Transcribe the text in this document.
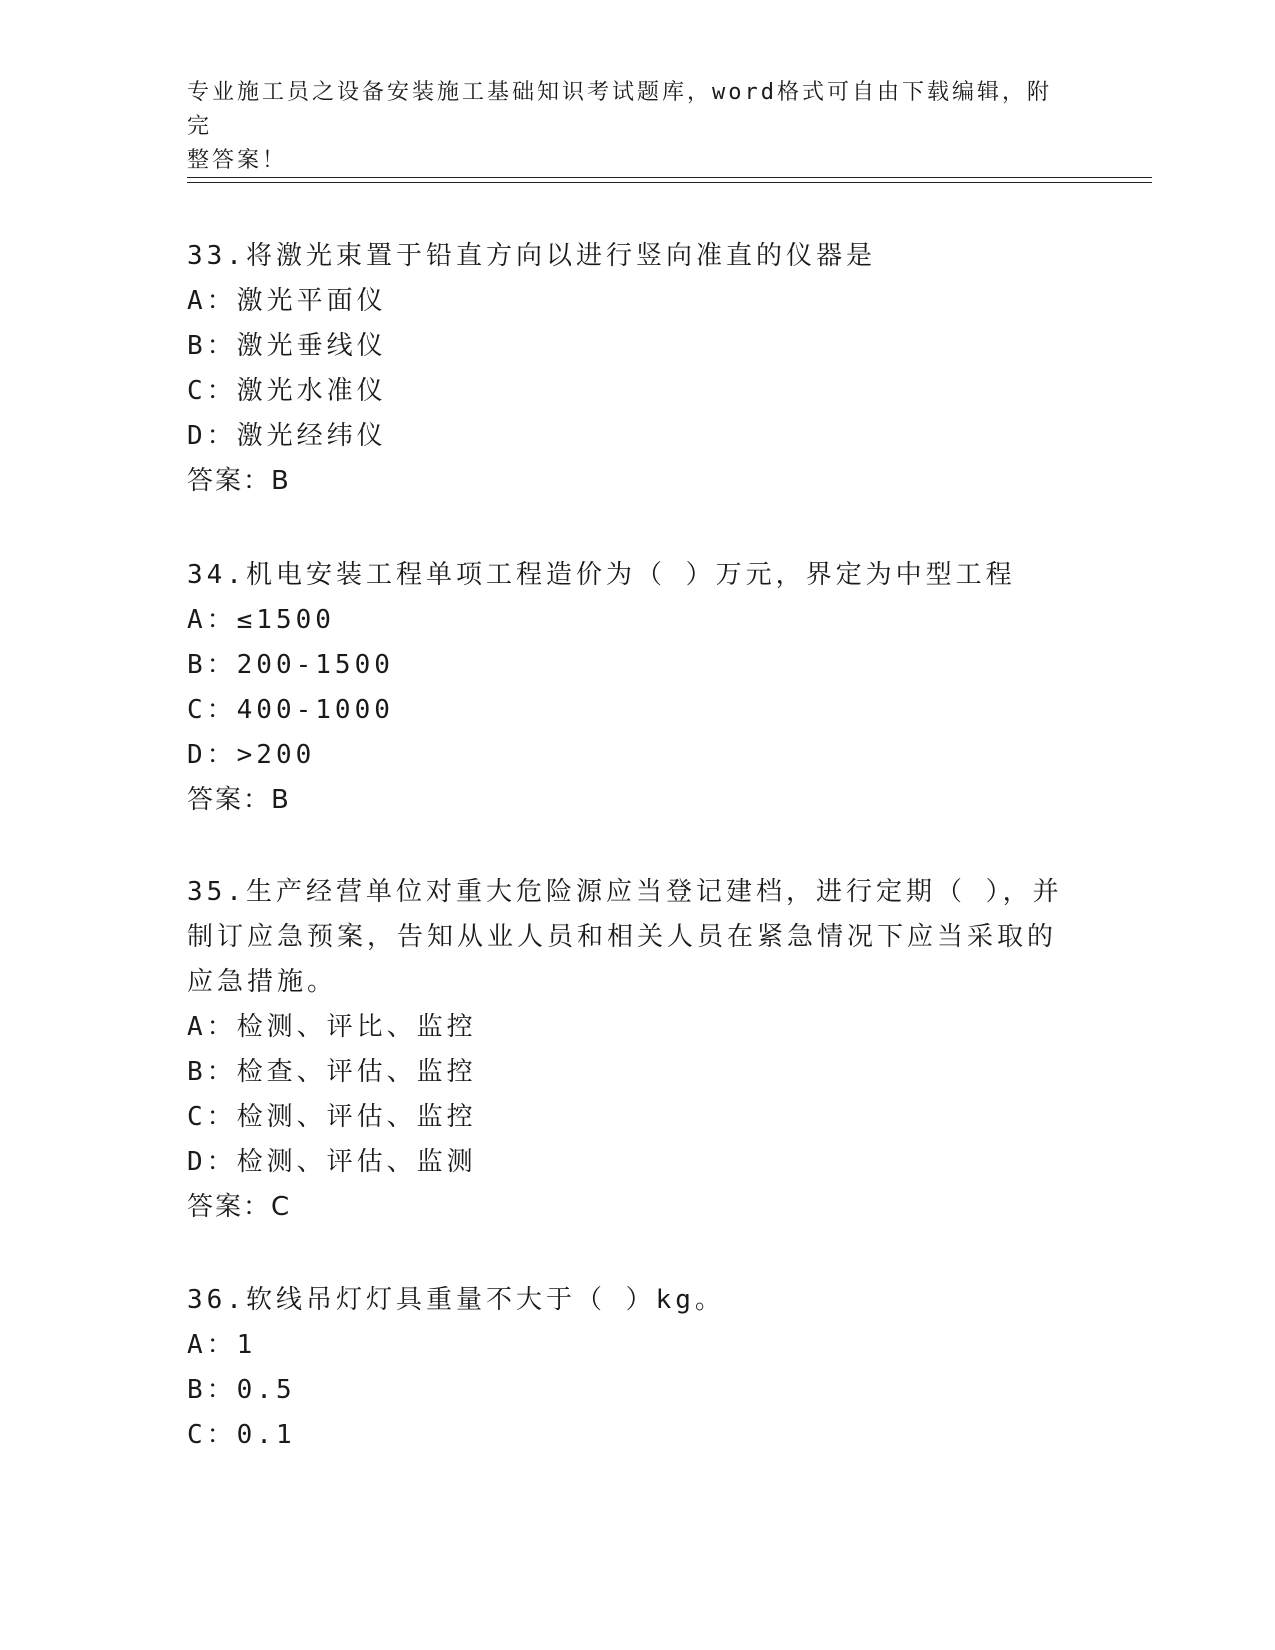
专业施工员之设备安装施工基础知识考试题库，word格式可自由下载编辑，附完
整答案！

33.将激光束置于铅直方向以进行竖向准直的仪器是

A：激光平面仪

B：激光垂线仪

C：激光水准仪

D：激光经纬仪

答案：B

34.机电安装工程单项工程造价为（ ）万元，界定为中型工程

A：≤1500

B：200-1500

C：400-1000

D：>200

答案：B

35.生产经营单位对重大危险源应当登记建档，进行定期（ ），并制订应急预案，告知从业人员和相关人员在紧急情况下应当采取的应急措施。

A：检测、评比、监控

B：检查、评估、监控

C：检测、评估、监控

D：检测、评估、监测

答案：C

36.软线吊灯灯具重量不大于（ ）kg。

A：1

B：0.5

C：0.1
